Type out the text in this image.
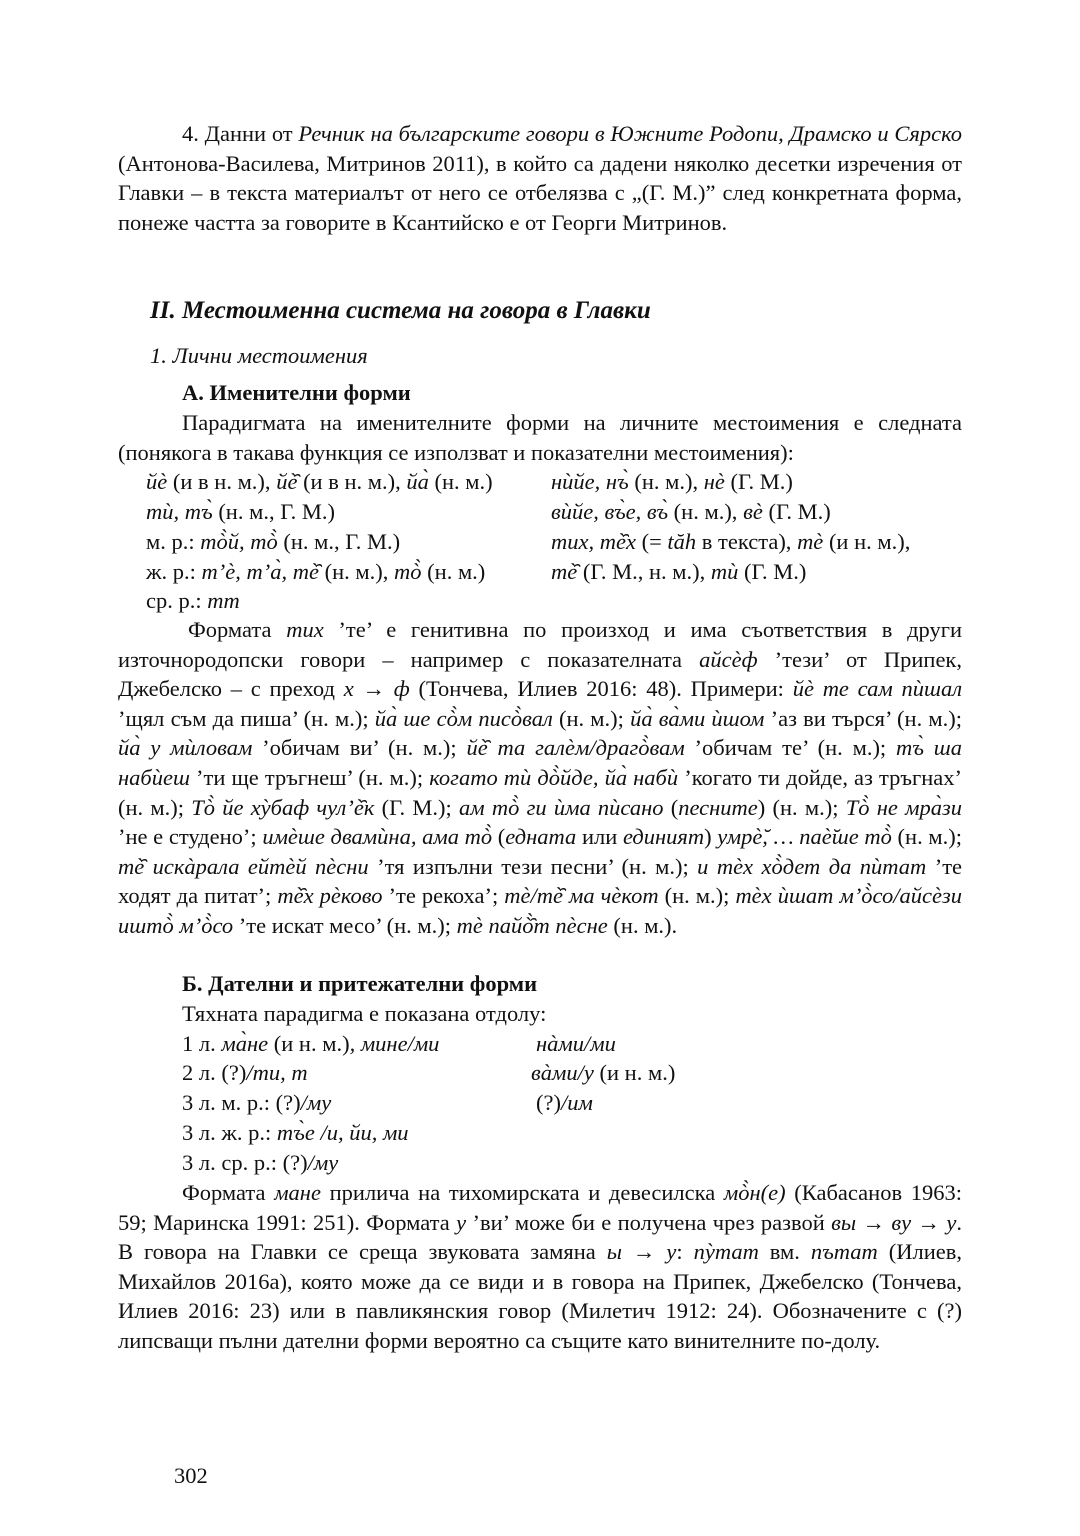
4. Данни от Речник на българските говори в Южните Родопи, Драмско и Сярско (Антонова-Василева, Митринов 2011), в който са дадени няколко десетки изречения от Главки – в текста материалът от него се отбелязва с „(Г. М.)” след конкретната форма, понеже частта за говорите в Ксантийско е от Георги Митринов.

II. Местоименна система на говора в Главки
1. Лични местоимения
А. Именителни форми

Парадигмата на именителните форми на личните местоимения е следната (понякога в такава функция се използват и показателни местоимения):

йѐ (и в н. м.), йѐ̑ (и в н. м.), йа̀ (н. м.)	нѝйе, нъ̀ (н. м.), нѐ (Г. М.)
тѝ, тъ̀ (н. м., Г. М.)	вѝйе, въ̀е, въ̀ (н. м.), вѐ (Г. М.)
м. р.: тò̀й, тò̀ (н. м., Г. М.)	тих, тѐ̑х (= tăh в текста), тѐ (и н. м.),
ж. р.: т’ѐ, т’а̀, тѐ̑ (н. м.), тò̀ (н. м.)	тѐ̑ (Г. М., н. м.), тѝ (Г. М.)
ср. р.: тт

Формата тих ’те’ е генитивна по произход и има съответствия в други източнородопски говори – например с показателната айсѐф ’тези’ от Припек, Джебелско – с преход х → ф (Тончева, Илиев 2016: 48). Примери: йѐ те сам пѝшал ’щял съм да пиша’ (н. м.); йа̀ ше сò̀м писò̀вал (н. м.); йа̀ ва̀ми ѝшом ’аз ви търся’ (н. м.); йа̀ у мѝловам ’обичам ви’ (н. м.); йѐ̑ та галѐм/драгò̀вам ’обичам те’ (н. м.); тъ̀ ша набѝеш ’ти ще тръгнеш’ (н. м.); когато тѝ дò̀йде, йа̀ набѝ ’когато ти дойде, аз тръгнах’ (н. м.); Тò̀ йе хỳбаф чул’ѐ̑к (Г. М.); ам тò̀ ги ѝма пѝсано (песните) (н. м.); Тò̀ не мра̀зи ’не е студено’; имѐше двамѝна, ама тò̀ (едната или единият) умрѐ̆, … паѐ̆ше тò̀ (н. м.); тѐ̑ искàрала ейтѐй пѐсни ’тя изпълни тези песни’ (н. м.); и тѐх хò̀дет да пѝтат ’те ходят да питат’; тѐ̑х рѐково ’те рекоха’; тѐ/тѐ̑ ма чѐкот (н. м.); тѐх ѝшат м’ò̀со/айсѐзи иштò̀ м’ò̀со ’те искат месо’ (н. м.); тѐ пайò̑̀т пѐсне (н. м.).

Б. Дателни и притежателни форми
Тяхната парадигма е показана отдолу:
1 л. ма̀не (и н. м.), мине/ми	нàми/ми
2 л. (?)/ти, т	вàми/у (и н. м.)
3 л. м. р.: (?)/му	(?)/им
3 л. ж. р.: тъ̀е /и, йи, ми
3 л. ср. р.: (?)/му

Формата мане прилича на тихомирската и девесилска мò̀н(е) (Кабасанов 1963: 59; Маринска 1991: 251). Формата у ’ви’ може би е получена чрез развой вы → ву → у. В говора на Главки се среща звуковата замяна ы → у: пỳтат вм. пътат (Илиев, Михайлов 2016а), която може да се види и в говора на Припек, Джебелско (Тончева, Илиев 2016: 23) или в павликянския говор (Милетич 1912: 24). Обозначените с (?) липсващи пълни дателни форми вероятно са същите като винителните по-долу.

302
